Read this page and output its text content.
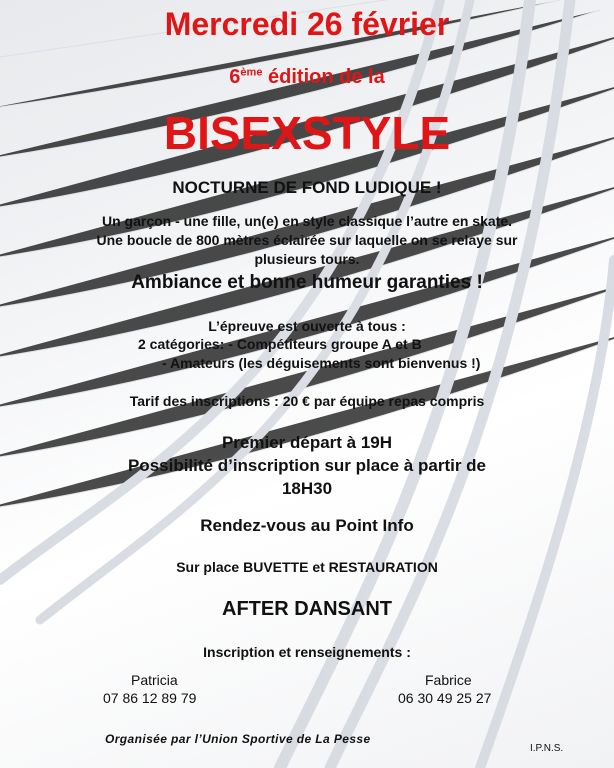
Mercredi 26 février
6ème édition de la
BISEXSTYLE
NOCTURNE DE FOND LUDIQUE !
Un garçon - une fille, un(e) en style classique l’autre en skate.
Une boucle de 800 mètres éclairée sur laquelle on se relaye sur
plusieurs tours.
Ambiance et bonne humeur garanties !
L’épreuve est ouverte à tous :
2 catégories: - Compétiteurs groupe A et B
- Amateurs (les déguisements sont bienvenus !)
Tarif des inscriptions : 20 € par équipe repas compris
Premier départ à 19H
Possibilité d’inscription sur place à partir de
18H30
Rendez-vous au Point Info
Sur place BUVETTE et RESTAURATION
AFTER DANSANT
Inscription et renseignements :
Patricia
07 86 12 89 79
Fabrice
06 30 49 25 27
Organisée par l’Union Sportive de La Pesse
I.P.N.S.
